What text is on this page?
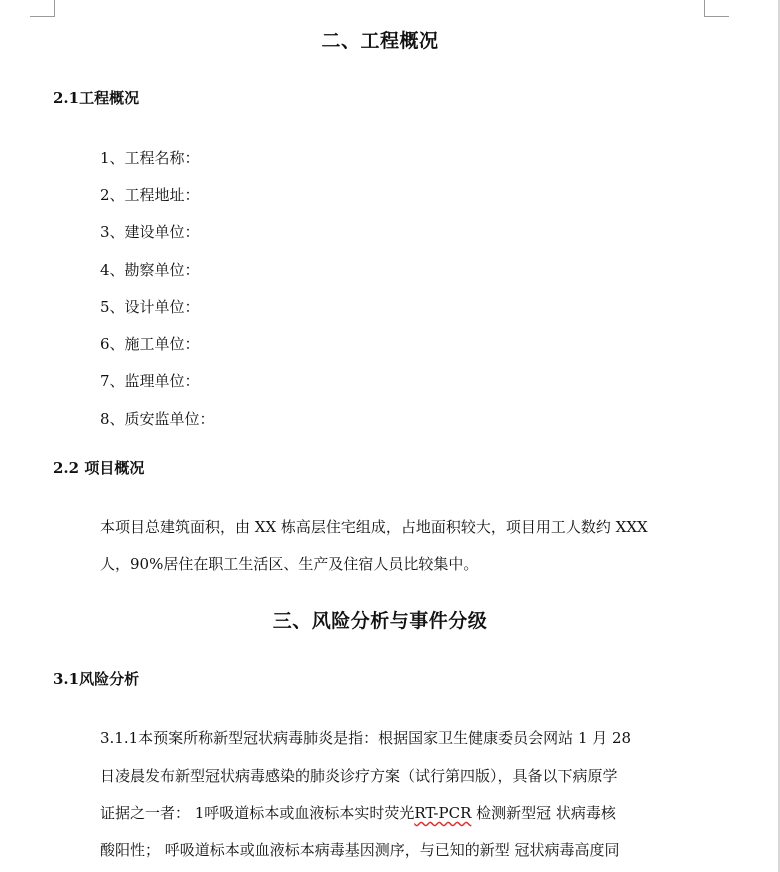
二、工程概况
2.1工程概况
1、工程名称：
2、工程地址：
3、建设单位：
4、勘察单位：
5、设计单位：
6、施工单位：
7、监理单位：
8、质安监单位：
2.2 项目概况
本项目总建筑面积，由 XX 栋高层住宅组成，占地面积较大，项目用工人数约 XXX
人，90%居住在职工生活区、生产及住宿人员比较集中。
三、风险分析与事件分级
3.1风险分析
3.1.1本预案所称新型冠状病毒肺炎是指：根据国家卫生健康委员会网站 1 月 28
日凌晨发布新型冠状病毒感染的肺炎诊疗方案（试行第四版），具备以下病原学
证据之一者： 1呼吸道标本或血液标本实时荧光RT-PCR 检测新型冠 状病毒核
酸阳性； 呼吸道标本或血液标本病毒基因测序，与已知的新型 冠状病毒高度同
